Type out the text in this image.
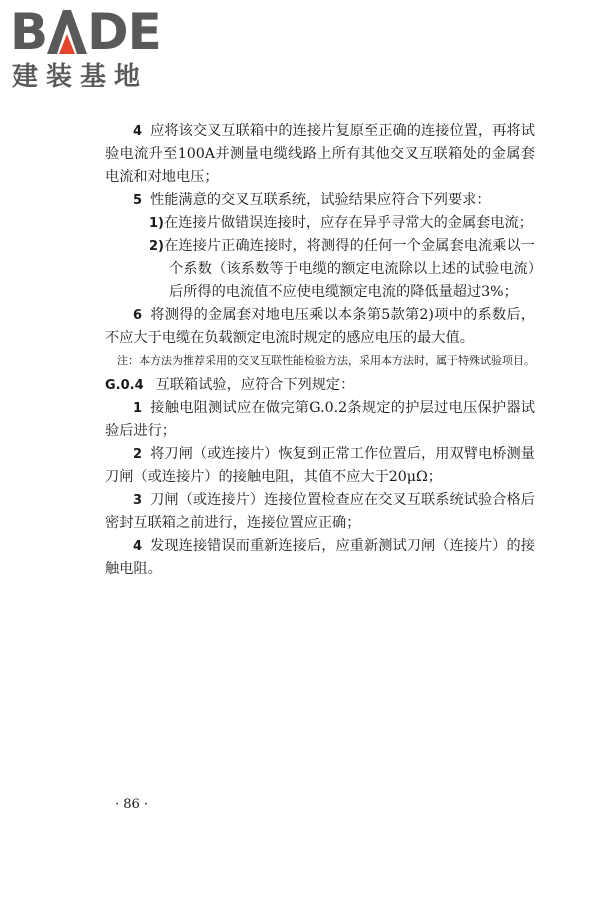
B DE
建装基地

4 应将该交叉互联箱中的连接片复原至正确的连接位置，再将试验电流升至100A并测量电缆线路上所有其他交叉互联箱处的金属套电流和对地电压；

5 性能满意的交叉互联系统，试验结果应符合下列要求：

1)在连接片做错误连接时，应存在异乎寻常大的金属套电流；

2)在连接片正确连接时，将测得的任何一个金属套电流乘以一个系数（该系数等于电缆的额定电流除以上述的试验电流）后所得的电流值不应使电缆额定电流的降低量超过3%；

6 将测得的金属套对地电压乘以本条第5款第2)项中的系数后，不应大于电缆在负载额定电流时规定的感应电压的最大值。

注：本方法为推荐采用的交叉互联性能检验方法，采用本方法时，属于特殊试验项目。

G.0.4 互联箱试验，应符合下列规定：

1 接触电阻测试应在做完第G.0.2条规定的护层过电压保护器试验后进行；

2 将刀闸（或连接片）恢复到正常工作位置后，用双臂电桥测量刀闸（或连接片）的接触电阻，其值不应大于20μΩ；

3 刀闸（或连接片）连接位置检查应在交叉互联系统试验合格后密封互联箱之前进行，连接位置应正确；

4 发现连接错误而重新连接后，应重新测试刀闸（连接片）的接触电阻。

· 86 ·
